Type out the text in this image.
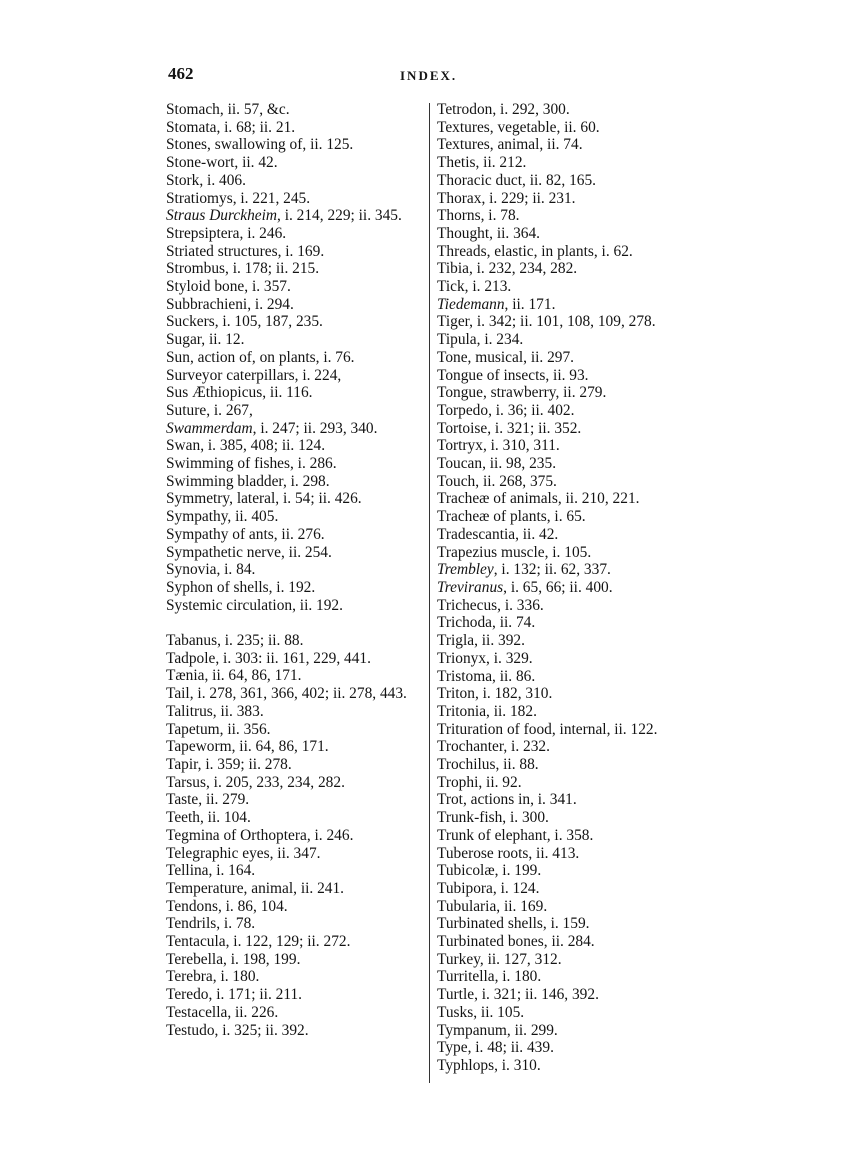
462	INDEX.
Stomach, ii. 57, &c.
Stomata, i. 68; ii. 21.
Stones, swallowing of, ii. 125.
Stone-wort, ii. 42.
Stork, i. 406.
Stratiomys, i. 221, 245.
Straus Durckheim, i. 214, 229; ii. 345.
Strepsiptera, i. 246.
Striated structures, i. 169.
Strombus, i. 178; ii. 215.
Styloid bone, i. 357.
Subbrachieni, i. 294.
Suckers, i. 105, 187, 235.
Sugar, ii. 12.
Sun, action of, on plants, i. 76.
Surveyor caterpillars, i. 224,
Sus Æthiopicus, ii. 116.
Suture, i. 267,
Swammerdam, i. 247; ii. 293, 340.
Swan, i. 385, 408; ii. 124.
Swimming of fishes, i. 286.
Swimming bladder, i. 298.
Symmetry, lateral, i. 54; ii. 426.
Sympathy, ii. 405.
Sympathy of ants, ii. 276.
Sympathetic nerve, ii. 254.
Synovia, i. 84.
Syphon of shells, i. 192.
Systemic circulation, ii. 192.
Tabanus, i. 235; ii. 88.
Tadpole, i. 303: ii. 161, 229, 441.
Tænia, ii. 64, 86, 171.
Tail, i. 278, 361, 366, 402; ii. 278, 443.
Talitrus, ii. 383.
Tapetum, ii. 356.
Tapeworm, ii. 64, 86, 171.
Tapir, i. 359; ii. 278.
Tarsus, i. 205, 233, 234, 282.
Taste, ii. 279.
Teeth, ii. 104.
Tegmina of Orthoptera, i. 246.
Telegraphic eyes, ii. 347.
Tellina, i. 164.
Temperature, animal, ii. 241.
Tendons, i. 86, 104.
Tendrils, i. 78.
Tentacula, i. 122, 129; ii. 272.
Terebella, i. 198, 199.
Terebra, i. 180.
Teredo, i. 171; ii. 211.
Testacella, ii. 226.
Testudo, i. 325; ii. 392.
Tetrodon, i. 292, 300.
Textures, vegetable, ii. 60.
Textures, animal, ii. 74.
Thetis, ii. 212.
Thoracic duct, ii. 82, 165.
Thorax, i. 229; ii. 231.
Thorns, i. 78.
Thought, ii. 364.
Threads, elastic, in plants, i. 62.
Tibia, i. 232, 234, 282.
Tick, i. 213.
Tiedemann, ii. 171.
Tiger, i. 342; ii. 101, 108, 109, 278.
Tipula, i. 234.
Tone, musical, ii. 297.
Tongue of insects, ii. 93.
Tongue, strawberry, ii. 279.
Torpedo, i. 36; ii. 402.
Tortoise, i. 321; ii. 352.
Tortryx, i. 310, 311.
Toucan, ii. 98, 235.
Touch, ii. 268, 375.
Tracheæ of animals, ii. 210, 221.
Tracheæ of plants, i. 65.
Tradescantia, ii. 42.
Trapezius muscle, i. 105.
Trembley, i. 132; ii. 62, 337.
Treviranus, i. 65, 66; ii. 400.
Trichecus, i. 336.
Trichoda, ii. 74.
Trigla, ii. 392.
Trionyx, i. 329.
Tristoma, ii. 86.
Triton, i. 182, 310.
Tritonia, ii. 182.
Trituration of food, internal, ii. 122.
Trochanter, i. 232.
Trochilus, ii. 88.
Trophi, ii. 92.
Trot, actions in, i. 341.
Trunk-fish, i. 300.
Trunk of elephant, i. 358.
Tuberose roots, ii. 413.
Tubicolæ, i. 199.
Tubipora, i. 124.
Tubularia, ii. 169.
Turbinated shells, i. 159.
Turbinated bones, ii. 284.
Turkey, ii. 127, 312.
Turritella, i. 180.
Turtle, i. 321; ii. 146, 392.
Tusks, ii. 105.
Tympanum, ii. 299.
Type, i. 48; ii. 439.
Typhlops, i. 310.
